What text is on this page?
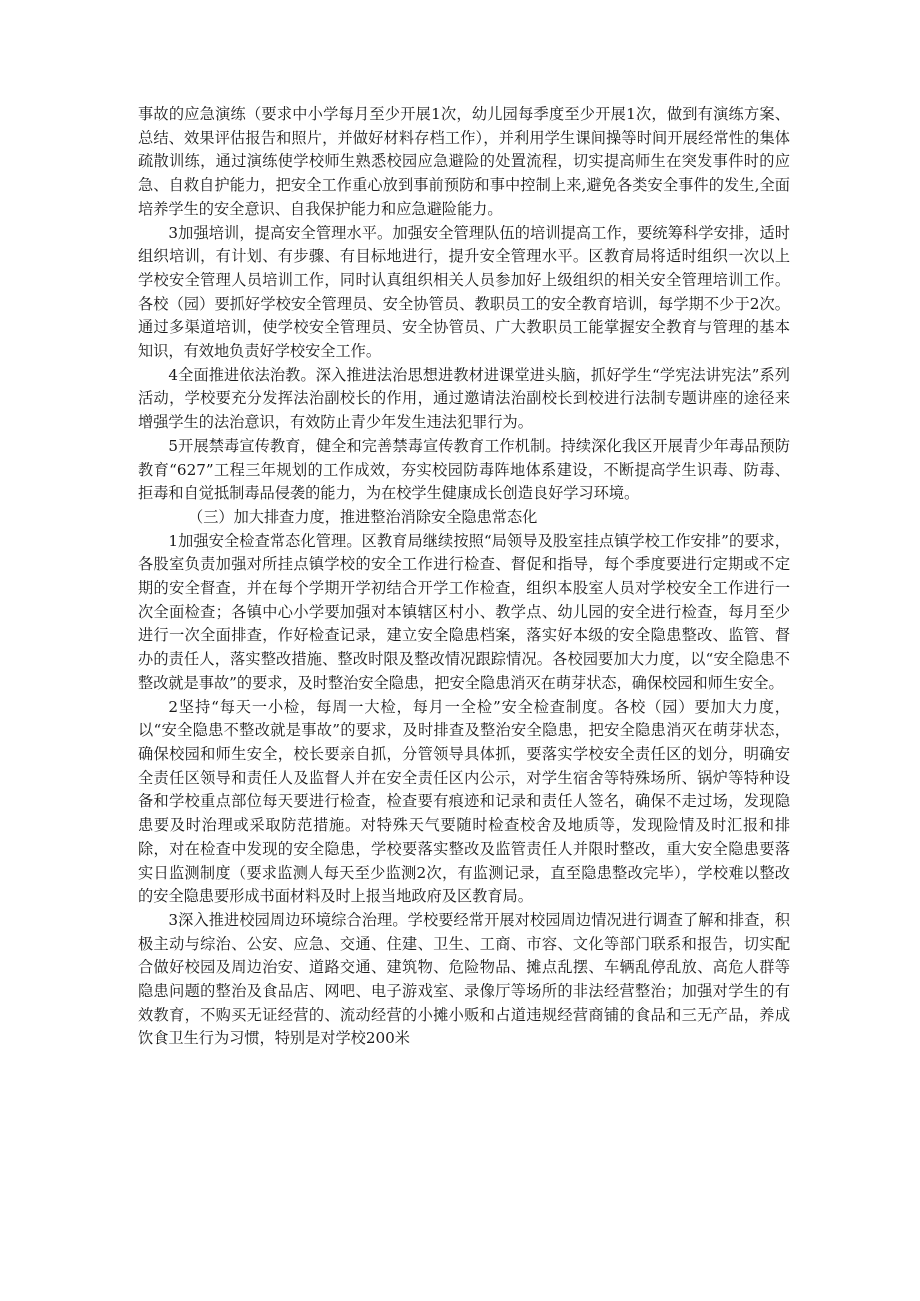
事故的应急演练（要求中小学每月至少开展1次，幼儿园每季度至少开展1次，做到有演练方案、总结、效果评估报告和照片，并做好材料存档工作），并利用学生课间操等时间开展经常性的集体疏散训练，通过演练使学校师生熟悉校园应急避险的处置流程，切实提高师生在突发事件时的应急、自救自护能力，把安全工作重心放到事前预防和事中控制上来,避免各类安全事件的发生,全面培养学生的安全意识、自我保护能力和应急避险能力。

3加强培训，提高安全管理水平。加强安全管理队伍的培训提高工作，要统筹科学安排，适时组织培训，有计划、有步骤、有目标地进行，提升安全管理水平。区教育局将适时组织一次以上学校安全管理人员培训工作，同时认真组织相关人员参加好上级组织的相关安全管理培训工作。各校（园）要抓好学校安全管理员、安全协管员、教职员工的安全教育培训，每学期不少于2次。通过多渠道培训，使学校安全管理员、安全协管员、广大教职员工能掌握安全教育与管理的基本知识，有效地负责好学校安全工作。

4全面推进依法治教。深入推进法治思想进教材进课堂进头脑，抓好学生“学宪法讲宪法”系列活动，学校要充分发挥法治副校长的作用，通过邀请法治副校长到校进行法制专题讲座的途径来增强学生的法治意识，有效防止青少年发生违法犯罪行为。

5开展禁毒宣传教育，健全和完善禁毒宣传教育工作机制。持续深化我区开展青少年毒品预防教育“627”工程三年规划的工作成效，夯实校园防毒阵地体系建设，不断提高学生识毒、防毒、拒毒和自觉抵制毒品侵袭的能力，为在校学生健康成长创造良好学习环境。

（三）加大排查力度，推进整治消除安全隐患常态化

1加强安全检查常态化管理。区教育局继续按照“局领导及股室挂点镇学校工作安排”的要求，各股室负责加强对所挂点镇学校的安全工作进行检查、督促和指导，每个季度要进行定期或不定期的安全督查，并在每个学期开学初结合开学工作检查，组织本股室人员对学校安全工作进行一次全面检查；各镇中心小学要加强对本镇辖区村小、教学点、幼儿园的安全进行检查，每月至少进行一次全面排查，作好检查记录，建立安全隐患档案，落实好本级的安全隐患整改、监管、督办的责任人，落实整改措施、整改时限及整改情况跟踪情况。各校园要加大力度，以“安全隐患不整改就是事故”的要求，及时整治安全隐患，把安全隐患消灭在萌芽状态，确保校园和师生安全。

2坚持“每天一小检，每周一大检，每月一全检”安全检查制度。各校（园）要加大力度，以“安全隐患不整改就是事故”的要求，及时排查及整治安全隐患，把安全隐患消灭在萌芽状态，确保校园和师生安全，校长要亲自抓，分管领导具体抓，要落实学校安全责任区的划分，明确安全责任区领导和责任人及监督人并在安全责任区内公示，对学生宿舍等特殊场所、锅炉等特种设备和学校重点部位每天要进行检查，检查要有痕迹和记录和责任人签名，确保不走过场，发现隐患要及时治理或采取防范措施。对特殊天气要随时检查校舍及地质等，发现险情及时汇报和排除，对在检查中发现的安全隐患，学校要落实整改及监管责任人并限时整改，重大安全隐患要落实日监测制度（要求监测人每天至少监测2次，有监测记录，直至隐患整改完毕），学校难以整改的安全隐患要形成书面材料及时上报当地政府及区教育局。

3深入推进校园周边环境综合治理。学校要经常开展对校园周边情况进行调查了解和排查，积极主动与综治、公安、应急、交通、住建、卫生、工商、市容、文化等部门联系和报告，切实配合做好校园及周边治安、道路交通、建筑物、危险物品、摊点乱摆、车辆乱停乱放、高危人群等隐患问题的整治及食品店、网吧、电子游戏室、录像厅等场所的非法经营整治；加强对学生的有效教育，不购买无证经营的、流动经营的小摊小贩和占道违规经营商铺的食品和三无产品，养成饮食卫生行为习惯，特别是对学校200米
